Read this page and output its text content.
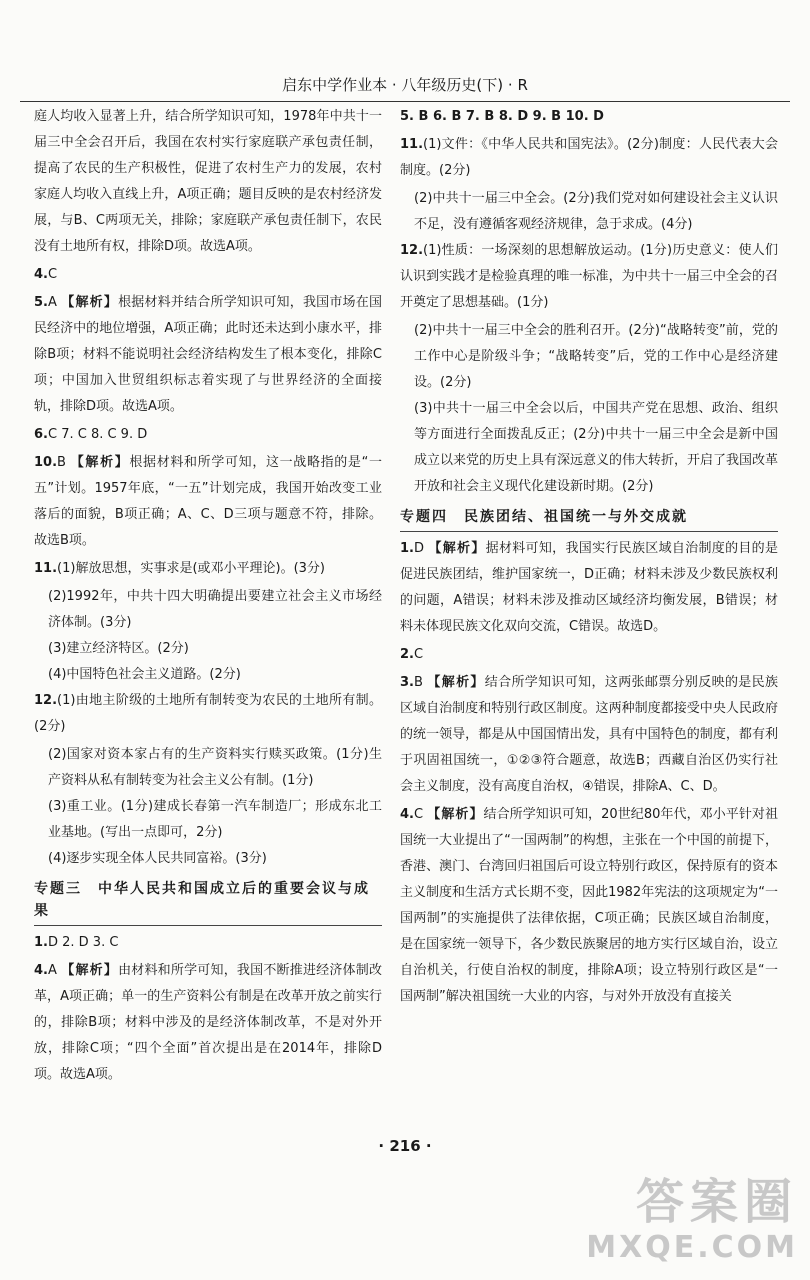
启东中学作业本 · 八年级历史(下) · R

庭人均收入显著上升，结合所学知识可知，1978年中共十一届三中全会召开后，我国在农村实行家庭联产承包责任制，提高了农民的生产积极性，促进了农村生产力的发展，农村家庭人均收入直线上升，A项正确；题目反映的是农村经济发展，与B、C两项无关，排除；家庭联产承包责任制下，农民没有土地所有权，排除D项。故选A项。

4.C

5.A 【解析】根据材料并结合所学知识可知，我国市场在国民经济中的地位增强，A项正确；此时还未达到小康水平，排除B项；材料不能说明社会经济结构发生了根本变化，排除C项；中国加入世贸组织标志着实现了与世界经济的全面接轨，排除D项。故选A项。

6.C 7. C 8. C 9. D

10.B 【解析】根据材料和所学可知，这一战略指的是“一五”计划。1957年底，“一五”计划完成，我国开始改变工业落后的面貌，B项正确；A、C、D三项与题意不符，排除。故选B项。

11.(1)解放思想，实事求是(或邓小平理论)。(3分)

(2)1992年，中共十四大明确提出要建立社会主义市场经济体制。(3分)

(3)建立经济特区。(2分)

(4)中国特色社会主义道路。(2分)

12.(1)由地主阶级的土地所有制转变为农民的土地所有制。(2分)

(2)国家对资本家占有的生产资料实行赎买政策。(1分)生产资料从私有制转变为社会主义公有制。(1分)

(3)重工业。(1分)建成长春第一汽车制造厂；形成东北工业基地。(写出一点即可，2分)

(4)逐步实现全体人民共同富裕。(3分)

专题三　中华人民共和国成立后的重要会议与成果

1.D 2. D 3. C

4.A 【解析】由材料和所学可知，我国不断推进经济体制改革，A项正确；单一的生产资料公有制是在改革开放之前实行的，排除B项；材料中涉及的是经济体制改革，不是对外开放，排除C项；“四个全面”首次提出是在2014年，排除D项。故选A项。

5. B 6. B 7. B 8. D 9. B 10. D

11.(1)文件：《中华人民共和国宪法》。(2分)制度：人民代表大会制度。(2分)

(2)中共十一届三中全会。(2分)我们党对如何建设社会主义认识不足，没有遵循客观经济规律，急于求成。(4分)

12.(1)性质：一场深刻的思想解放运动。(1分)历史意义：使人们认识到实践才是检验真理的唯一标准，为中共十一届三中全会的召开奠定了思想基础。(1分)

(2)中共十一届三中全会的胜利召开。(2分)“战略转变”前，党的工作中心是阶级斗争；“战略转变”后，党的工作中心是经济建设。(2分)

(3)中共十一届三中全会以后，中国共产党在思想、政治、组织等方面进行全面拨乱反正；(2分)中共十一届三中全会是新中国成立以来党的历史上具有深远意义的伟大转折，开启了我国改革开放和社会主义现代化建设新时期。(2分)

专题四　民族团结、祖国统一与外交成就

1.D 【解析】据材料可知，我国实行民族区域自治制度的目的是促进民族团结，维护国家统一，D正确；材料未涉及少数民族权利的问题，A错误；材料未涉及推动区域经济均衡发展，B错误；材料未体现民族文化双向交流，C错误。故选D。

2.C

3.B 【解析】结合所学知识可知，这两张邮票分别反映的是民族区域自治制度和特别行政区制度。这两种制度都接受中央人民政府的统一领导，都是从中国国情出发，具有中国特色的制度，都有利于巩固祖国统一，①②③符合题意，故选B；西藏自治区仍实行社会主义制度，没有高度自治权，④错误，排除A、C、D。

4.C 【解析】结合所学知识可知，20世纪80年代，邓小平针对祖国统一大业提出了“一国两制”的构想，主张在一个中国的前提下，香港、澳门、台湾回归祖国后可设立特别行政区，保持原有的资本主义制度和生活方式长期不变，因此1982年宪法的这项规定为“一国两制”的实施提供了法律依据，C项正确；民族区域自治制度，是在国家统一领导下，各少数民族聚居的地方实行区域自治，设立自治机关，行使自治权的制度，排除A项；设立特别行政区是“一国两制”解决祖国统一大业的内容，与对外开放没有直接关

· 216 ·
答案圈
MXQE.COM
